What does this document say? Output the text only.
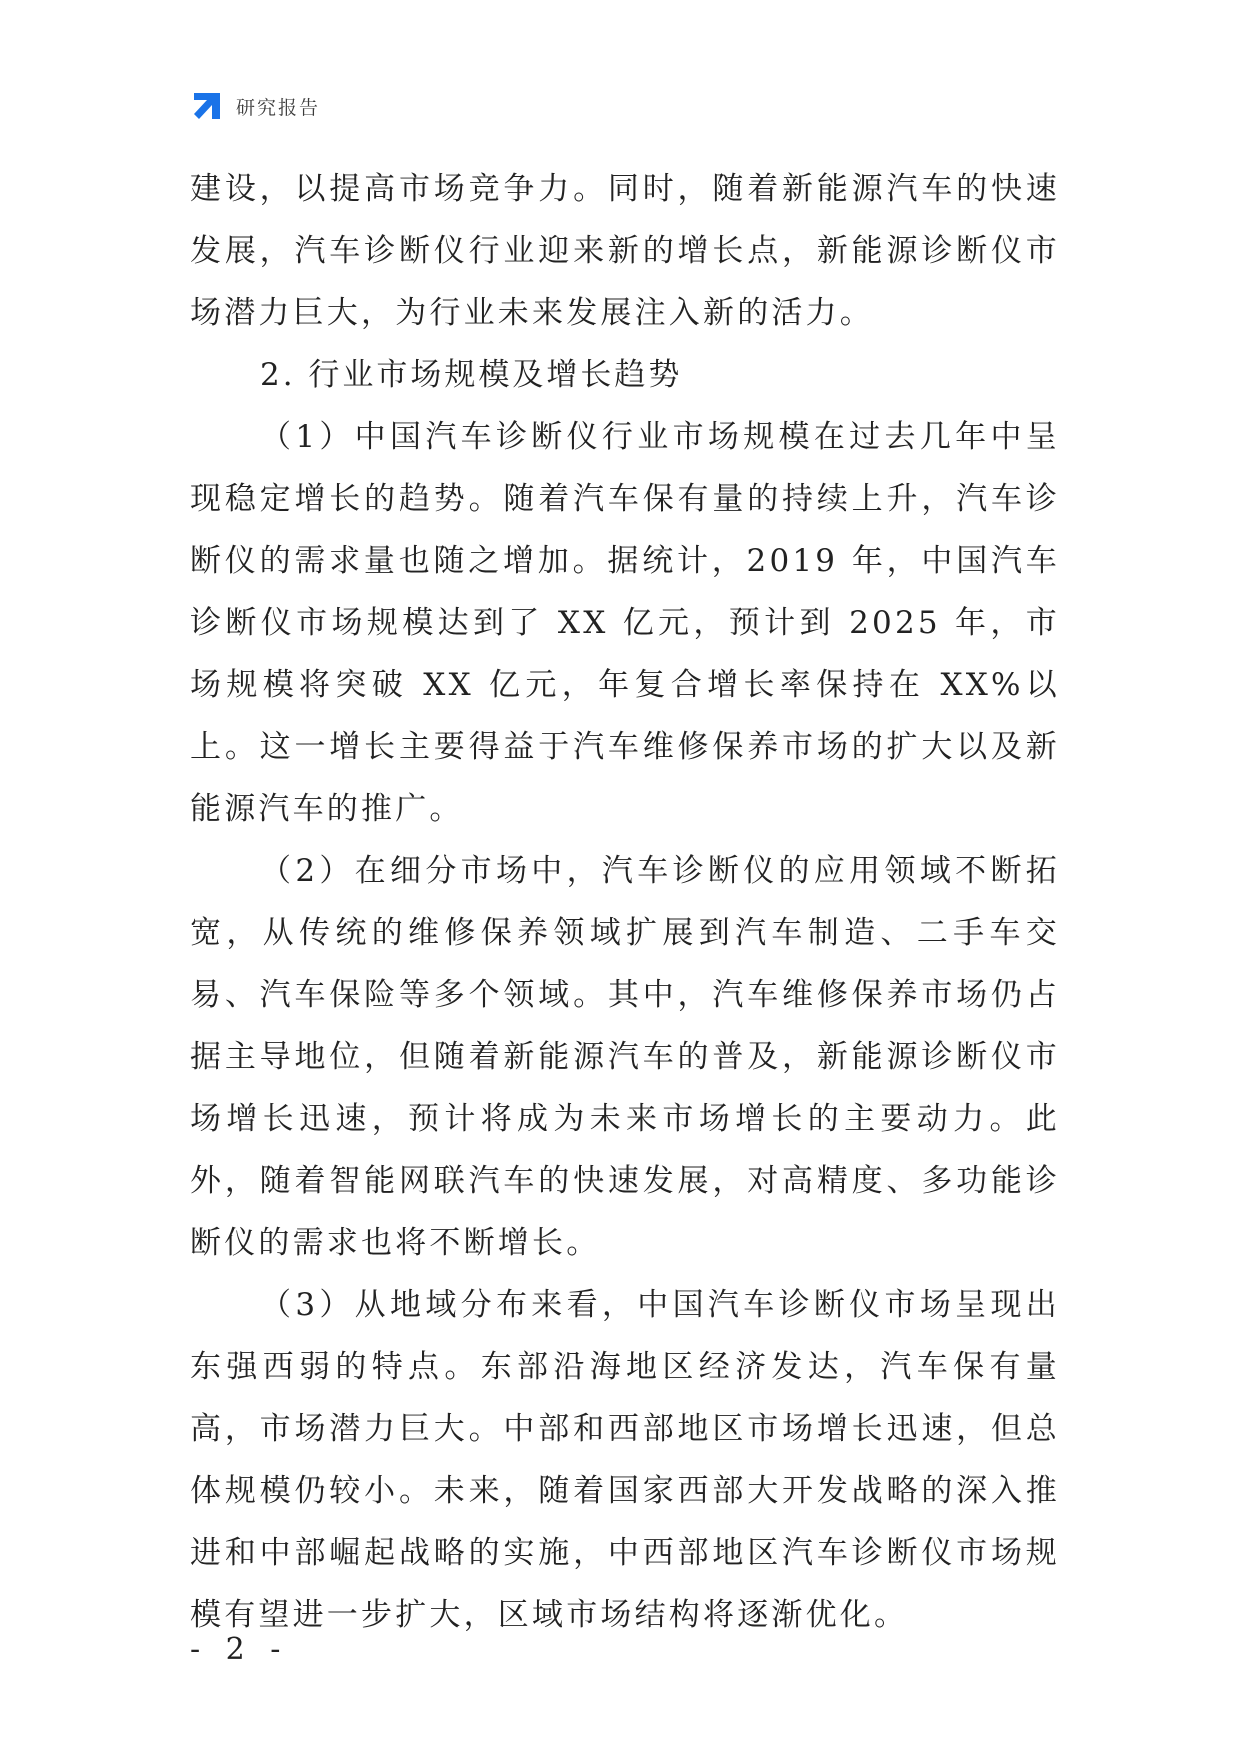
研究报告

建设，以提高市场竞争力。同时，随着新能源汽车的快速发展，汽车诊断仪行业迎来新的增长点，新能源诊断仪市场潜力巨大，为行业未来发展注入新的活力。

2. 行业市场规模及增长趋势

（1）中国汽车诊断仪行业市场规模在过去几年中呈现稳定增长的趋势。随着汽车保有量的持续上升，汽车诊断仪的需求量也随之增加。据统计，2019 年，中国汽车诊断仪市场规模达到了 XX 亿元，预计到 2025 年，市场规模将突破 XX 亿元，年复合增长率保持在 XX%以上。这一增长主要得益于汽车维修保养市场的扩大以及新能源汽车的推广。

（2）在细分市场中，汽车诊断仪的应用领域不断拓宽，从传统的维修保养领域扩展到汽车制造、二手车交易、汽车保险等多个领域。其中，汽车维修保养市场仍占据主导地位，但随着新能源汽车的普及，新能源诊断仪市场增长迅速，预计将成为未来市场增长的主要动力。此外，随着智能网联汽车的快速发展，对高精度、多功能诊断仪的需求也将不断增长。

（3）从地域分布来看，中国汽车诊断仪市场呈现出东强西弱的特点。东部沿海地区经济发达，汽车保有量高，市场潜力巨大。中部和西部地区市场增长迅速，但总体规模仍较小。未来，随着国家西部大开发战略的深入推进和中部崛起战略的实施，中西部地区汽车诊断仪市场规模有望进一步扩大，区域市场结构将逐渐优化。

- 2 -
